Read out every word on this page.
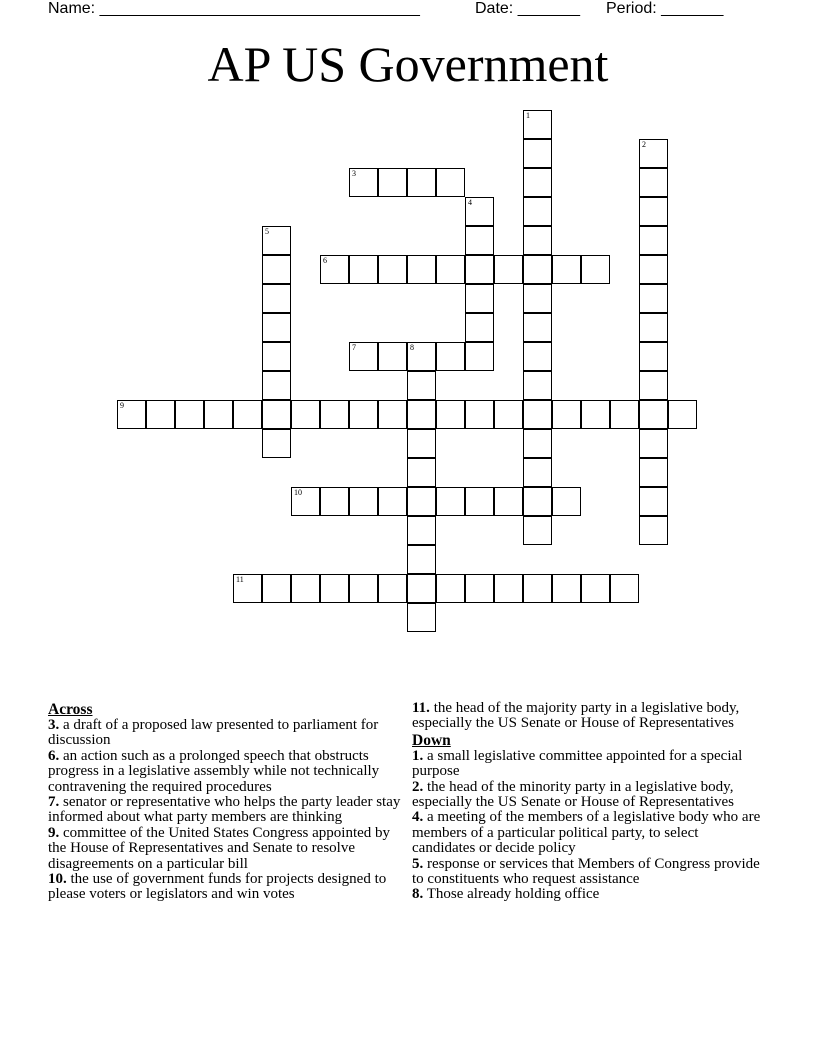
Name: ____________________________________	Date: _______ Period: _______
AP US Government
1
2
3
4
5
6
7	8
9
10
11
Across

3. a draft of a proposed law presented to parliament for discussion

6. an action such as a prolonged speech that obstructs progress in a legislative assembly while not technically contravening the required procedures

7. senator or representative who helps the party leader stay informed about what party members are thinking

9. committee of the United States Congress appointed by the House of Representatives and Senate to resolve disagreements on a particular bill

10. the use of government funds for projects designed to please voters or legislators and win votes

11. the head of the majority party in a legislative body, especially the US Senate or House of Representatives

Down

1. a small legislative committee appointed for a special purpose

2. the head of the minority party in a legislative body, especially the US Senate or House of Representatives

4. a meeting of the members of a legislative body who are members of a particular political party, to select candidates or decide policy

5. response or services that Members of Congress provide to constituents who request assistance

8. Those already holding office
